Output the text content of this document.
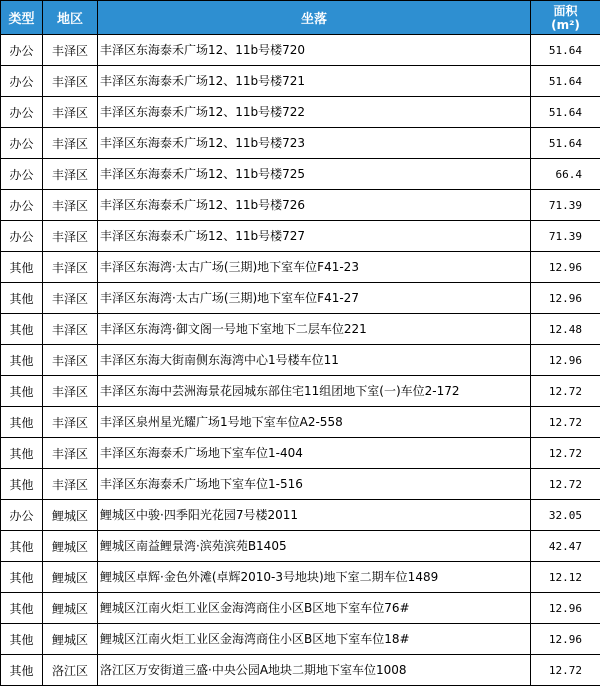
类型	地区	坐落	面积
(m²)

办公	丰泽区	丰泽区东海泰禾广场12、11b号楼720	51.64
办公	丰泽区	丰泽区东海泰禾广场12、11b号楼721	51.64
办公	丰泽区	丰泽区东海泰禾广场12、11b号楼722	51.64
办公	丰泽区	丰泽区东海泰禾广场12、11b号楼723	51.64
办公	丰泽区	丰泽区东海泰禾广场12、11b号楼725	66.4
办公	丰泽区	丰泽区东海泰禾广场12、11b号楼726	71.39
办公	丰泽区	丰泽区东海泰禾广场12、11b号楼727	71.39
其他	丰泽区	丰泽区东海湾·太古广场(三期)地下室车位F41-23	12.96
其他	丰泽区	丰泽区东海湾·太古广场(三期)地下室车位F41-27	12.96
其他	丰泽区	丰泽区东海湾·御文阁一号地下室地下二层车位221	12.48
其他	丰泽区	丰泽区东海大街南侧东海湾中心1号楼车位11	12.96
其他	丰泽区	丰泽区东海中芸洲海景花园城东部住宅11组团地下室(一)车位2-172	12.72
其他	丰泽区	丰泽区泉州星光耀广场1号地下室车位A2-558	12.72
其他	丰泽区	丰泽区东海泰禾广场地下室车位1-404	12.72
其他	丰泽区	丰泽区东海泰禾广场地下室车位1-516	12.72
办公	鲤城区	鲤城区中骏·四季阳光花园7号楼2011	32.05
其他	鲤城区	鲤城区南益鲤景湾·滨苑滨苑B1405	42.47
其他	鲤城区	鲤城区卓辉·金色外滩(卓辉2010-3号地块)地下室二期车位1489	12.12
其他	鲤城区	鲤城区江南火炬工业区金海湾商住小区B区地下室车位76#	12.96
其他	鲤城区	鲤城区江南火炬工业区金海湾商住小区B区地下室车位18#	12.96
其他	洛江区	洛江区万安街道三盛·中央公园A地块二期地下室车位1008	12.72
